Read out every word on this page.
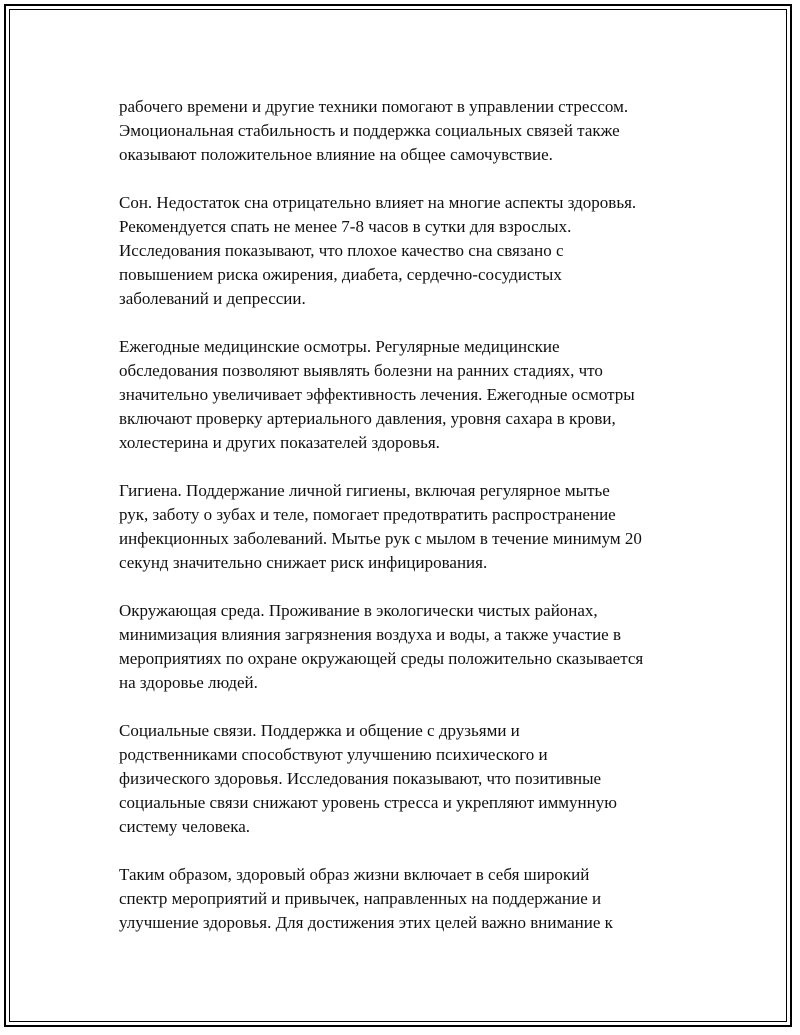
рабочего времени и другие техники помогают в управлении стрессом.
Эмоциональная стабильность и поддержка социальных связей также
оказывают положительное влияние на общее самочувствие.

Сон. Недостаток сна отрицательно влияет на многие аспекты здоровья.
Рекомендуется спать не менее 7-8 часов в сутки для взрослых.
Исследования показывают, что плохое качество сна связано с
повышением риска ожирения, диабета, сердечно-сосудистых
заболеваний и депрессии.

Ежегодные медицинские осмотры. Регулярные медицинские
обследования позволяют выявлять болезни на ранних стадиях, что
значительно увеличивает эффективность лечения. Ежегодные осмотры
включают проверку артериального давления, уровня сахара в крови,
холестерина и других показателей здоровья.

Гигиена. Поддержание личной гигиены, включая регулярное мытье
рук, заботу о зубах и теле, помогает предотвратить распространение
инфекционных заболеваний. Мытье рук с мылом в течение минимум 20
секунд значительно снижает риск инфицирования.

Окружающая среда. Проживание в экологически чистых районах,
минимизация влияния загрязнения воздуха и воды, а также участие в
мероприятиях по охране окружающей среды положительно сказывается
на здоровье людей.

Социальные связи. Поддержка и общение с друзьями и
родственниками способствуют улучшению психического и
физического здоровья. Исследования показывают, что позитивные
социальные связи снижают уровень стресса и укрепляют иммунную
систему человека.

Таким образом, здоровый образ жизни включает в себя широкий
спектр мероприятий и привычек, направленных на поддержание и
улучшение здоровья. Для достижения этих целей важно внимание к
